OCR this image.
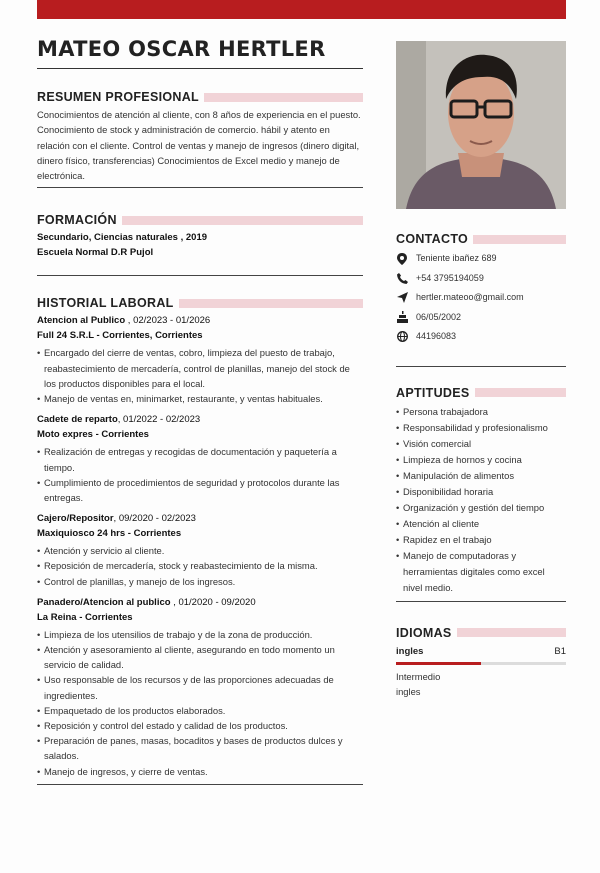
MATEO OSCAR HERTLER
RESUMEN PROFESIONAL
Conocimientos de atención al cliente, con 8 años de experiencia en el puesto. Conocimiento de stock y administración de comercio. hábil y atento en relación con el cliente. Control de ventas y manejo de ingresos (dinero digital, dinero físico, transferencias) Conocimientos de Excel medio y manejo de electrónica.
FORMACIÓN
Secundario, Ciencias naturales , 2019
Escuela Normal D.R Pujol
HISTORIAL LABORAL
Atencion al Publico , 02/2023 - 01/2026
Full 24 S.R.L - Corrientes, Corrientes
• Encargado del cierre de ventas, cobro, limpieza del puesto de trabajo, reabastecimiento de mercadería, control de planillas, manejo del stock de los productos disponibles para el local.
• Manejo de ventas en, minimarket, restaurante, y ventas habituales.
Cadete de reparto, 01/2022 - 02/2023
Moto expres - Corrientes
• Realización de entregas y recogidas de documentación y paquetería a tiempo.
• Cumplimiento de procedimientos de seguridad y protocolos durante las entregas.
Cajero/Repositor, 09/2020 - 02/2023
Maxiquiosco 24 hrs - Corrientes
• Atención y servicio al cliente.
• Reposición de mercadería, stock y reabastecimiento de la misma.
• Control de planillas, y manejo de los ingresos.
Panadero/Atencion al publico , 01/2020 - 09/2020
La Reina - Corrientes
• Limpieza de los utensilios de trabajo y de la zona de producción.
• Atención y asesoramiento al cliente, asegurando en todo momento un servicio de calidad.
• Uso responsable de los recursos y de las proporciones adecuadas de ingredientes.
• Empaquetado de los productos elaborados.
• Reposición y control del estado y calidad de los productos.
• Preparación de panes, masas, bocaditos y bases de productos dulces y salados.
• Manejo de ingresos, y cierre de ventas.
CONTACTO
Teniente ibañez 689
+54 3795194059
hertler.mateoo@gmail.com
06/05/2002
44196083
APTITUDES
• Persona trabajadora
• Responsabilidad y profesionalismo
• Visión comercial
• Limpieza de hornos y cocina
• Manipulación de alimentos
• Disponibilidad horaria
• Organización y gestión del tiempo
• Atención al cliente
• Rapidez en el trabajo
• Manejo de computadoras y herramientas digitales como excel nivel medio.
IDIOMAS
ingles	B1
Intermedio
ingles
